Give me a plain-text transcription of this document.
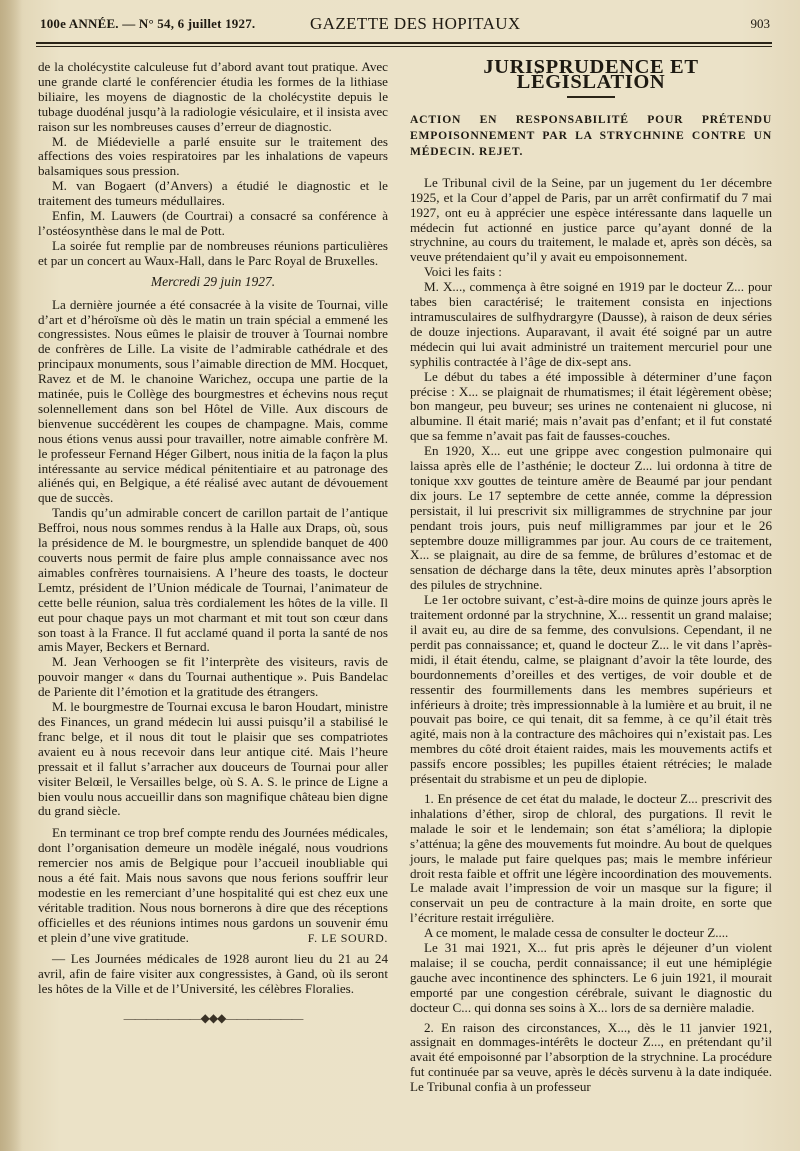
100e ANNÉE. — N° 54, 6 juillet 1927.	GAZETTE DES HOPITAUX	903

de la cholécystite calculeuse fut d’abord avant tout pratique. Avec une grande clarté le conférencier étudia les formes de la lithiase biliaire, les moyens de diagnostic de la cholécystite depuis le tubage duodénal jusqu’à la radiologie vésiculaire, et il insista avec raison sur les nombreuses causes d’erreur de diagnostic.

M. de Miédevielle a parlé ensuite sur le traitement des affections des voies respiratoires par les inhalations de vapeurs balsamiques sous pression.

M. van Bogaert (d’Anvers) a étudié le diagnostic et le traitement des tumeurs médullaires.

Enfin, M. Lauwers (de Courtrai) a consacré sa conférence à l’ostéosynthèse dans le mal de Pott.

La soirée fut remplie par de nombreuses réunions particulières et par un concert au Waux-Hall, dans le Parc Royal de Bruxelles.

Mercredi 29 juin 1927.

La dernière journée a été consacrée à la visite de Tournai, ville d’art et d’héroïsme où dès le matin un train spécial a emmené les congressistes. Nous eûmes le plaisir de trouver à Tournai nombre de confrères de Lille. La visite de l’admirable cathédrale et des principaux monuments, sous l’aimable direction de MM. Hocquet, Ravez et de M. le chanoine Warichez, occupa une partie de la matinée, puis le Collège des bourgmestres et échevins nous reçut solennellement dans son bel Hôtel de Ville. Aux discours de bienvenue succédèrent les coupes de champagne. Mais, comme nous étions venus aussi pour travailler, notre aimable confrère M. le professeur Fernand Héger Gilbert, nous initia de la façon la plus intéressante au service médical pénitentiaire et au patronage des aliénés qui, en Belgique, a été réalisé avec autant de dévouement que de succès.

Tandis qu’un admirable concert de carillon partait de l’antique Beffroi, nous nous sommes rendus à la Halle aux Draps, où, sous la présidence de M. le bourgmestre, un splendide banquet de 400 couverts nous permit de faire plus ample connaissance avec nos aimables confrères tournaisiens. A l’heure des toasts, le docteur Lemtz, président de l’Union médicale de Tournai, l’animateur de cette belle réunion, salua très cordialement les hôtes de la ville. Il eut pour chaque pays un mot charmant et mit tout son cœur dans son toast à la France. Il fut acclamé quand il porta la santé de nos amis Mayer, Beckers et Bernard.

M. Jean Verhoogen se fit l’interprète des visiteurs, ravis de pouvoir manger « dans du Tournai authentique ». Puis Bandelac de Pariente dit l’émotion et la gratitude des étrangers.

M. le bourgmestre de Tournai excusa le baron Houdart, ministre des Finances, un grand médecin lui aussi puisqu’il a stabilisé le franc belge, et il nous dit tout le plaisir que ses compatriotes avaient eu à nous recevoir dans leur antique cité. Mais l’heure pressait et il fallut s’arracher aux douceurs de Tournai pour aller visiter Belœil, le Versailles belge, où S. A. S. le prince de Ligne a bien voulu nous accueillir dans son magnifique château bien digne du grand siècle.

En terminant ce trop bref compte rendu des Journées médicales, dont l’organisation demeure un modèle inégalé, nous voudrions remercier nos amis de Belgique pour l’accueil inoubliable qui nous a été fait. Mais nous savons que nous ferions souffrir leur modestie en les remerciant d’une hospitalité qui est chez eux une véritable tradition. Nous nous bornerons à dire que des réceptions officielles et des réunions intimes nous gardons un souvenir ému et plein d’une vive gratitude.	F. LE SOURD.

— Les Journées médicales de 1928 auront lieu du 21 au 24 avril, afin de faire visiter aux congressistes, à Gand, où ils seront les hôtes de la Ville et de l’Université, les célèbres Floralies.

———————◆◆◆———————
JURISPRUDENCE ET LÉGISLATION
ACTION EN RESPONSABILITÉ POUR PRÉTENDU EMPOISONNEMENT PAR LA STRYCHNINE CONTRE UN MÉDECIN. REJET.

Le Tribunal civil de la Seine, par un jugement du 1er décembre 1925, et la Cour d’appel de Paris, par un arrêt confirmatif du 7 mai 1927, ont eu à apprécier une espèce intéressante dans laquelle un médecin fut actionné en justice parce qu’ayant donné de la strychnine, au cours du traitement, le malade et, après son décès, sa veuve prétendaient qu’il y avait eu empoisonnement.

Voici les faits :

M. X..., commença à être soigné en 1919 par le docteur Z... pour tabes bien caractérisé; le traitement consista en injections intramusculaires de sulfhydrargyre (Dausse), à raison de deux séries de douze injections. Auparavant, il avait été soigné par un autre médecin qui lui avait administré un traitement mercuriel pour une syphilis contractée à l’âge de dix-sept ans.

Le début du tabes a été impossible à déterminer d’une façon précise : X... se plaignait de rhumatismes; il était légèrement obèse; bon mangeur, peu buveur; ses urines ne contenaient ni glucose, ni albumine. Il était marié; mais n’avait pas d’enfant; et il fut constaté que sa femme n’avait pas fait de fausses-couches.

En 1920, X... eut une grippe avec congestion pulmonaire qui laissa après elle de l’asthénie; le docteur Z... lui ordonna à titre de tonique xxv gouttes de teinture amère de Beaumé par jour pendant dix jours. Le 17 septembre de cette année, comme la dépression persistait, il lui prescrivit six milligrammes de strychnine par jour pendant trois jours, puis neuf milligrammes par jour et le 26 septembre douze milligrammes par jour. Au cours de ce traitement, X... se plaignait, au dire de sa femme, de brûlures d’estomac et de sensation de décharge dans la tête, deux minutes après l’absorption des pilules de strychnine.

Le 1er octobre suivant, c’est-à-dire moins de quinze jours après le traitement ordonné par la strychnine, X... ressentit un grand malaise; il avait eu, au dire de sa femme, des convulsions. Cependant, il ne perdit pas connaissance; et, quand le docteur Z... le vit dans l’après-midi, il était étendu, calme, se plaignant d’avoir la tête lourde, des bourdonnements d’oreilles et des vertiges, de voir double et de ressentir des fourmillements dans les membres supérieurs et inférieurs à droite; très impressionnable à la lumière et au bruit, il ne pouvait pas boire, ce qui tenait, dit sa femme, à ce qu’il était très agité, mais non à la contracture des mâchoires qui n’existait pas. Les membres du côté droit étaient raides, mais les mouvements actifs et passifs encore possibles; les pupilles étaient rétrécies; le malade présentait du strabisme et un peu de diplopie.

1. En présence de cet état du malade, le docteur Z... prescrivit des inhalations d’éther, sirop de chloral, des purgations. Il revit le malade le soir et le lendemain; son état s’améliora; la diplopie s’atténua; la gêne des mouvements fut moindre. Au bout de quelques jours, le malade put faire quelques pas; mais le membre inférieur droit resta faible et offrit une légère incoordination des mouvements. Le malade avait l’impression de voir un masque sur la figure; il conservait un peu de contracture à la main droite, en sorte que l’écriture restait irrégulière.

A ce moment, le malade cessa de consulter le docteur Z....

Le 31 mai 1921, X... fut pris après le déjeuner d’un violent malaise; il se coucha, perdit connaissance; il eut une hémiplégie gauche avec incontinence des sphincters. Le 6 juin 1921, il mourait emporté par une congestion cérébrale, suivant le diagnostic du docteur C... qui donna ses soins à X... lors de sa dernière maladie.

2. En raison des circonstances, X..., dès le 11 janvier 1921, assignait en dommages-intérêts le docteur Z..., en prétendant qu’il avait été empoisonné par l’absorption de la strychnine. La procédure fut continuée par sa veuve, après le décès survenu à la date indiquée. Le Tribunal confia à un professeur
